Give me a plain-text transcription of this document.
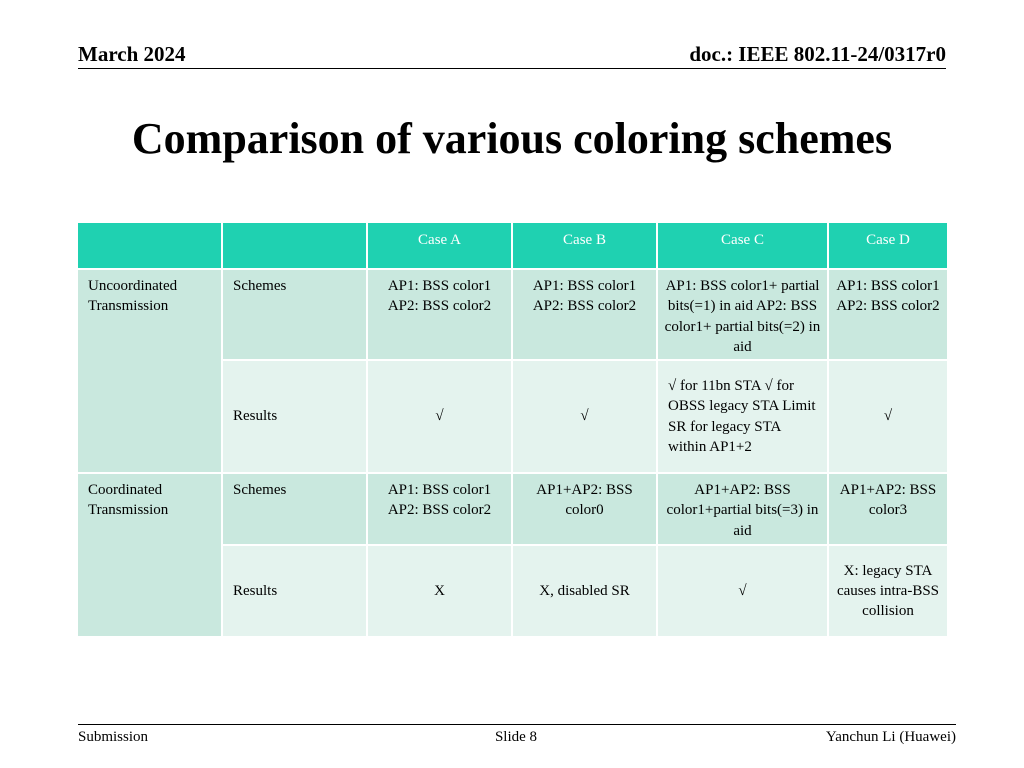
March 2024	doc.: IEEE 802.11-24/0317r0
Comparison of various coloring schemes
		Case A	Case B	Case C	Case D
Uncoordinated Transmission	Schemes	AP1: BSS color1 AP2: BSS color2	AP1: BSS color1 AP2: BSS color2	AP1: BSS color1+ partial bits(=1) in aid AP2: BSS color1+ partial bits(=2) in aid	AP1: BSS color1 AP2: BSS color2
	Results	√	√	√ for 11bn STA √ for OBSS legacy STA Limit SR for legacy STA within AP1+2	√
Coordinated Transmission	Schemes	AP1: BSS color1 AP2: BSS color2	AP1+AP2: BSS color0	AP1+AP2: BSS color1+partial bits(=3) in aid	AP1+AP2: BSS color3
	Results	X	X, disabled SR	√	X: legacy STA causes intra-BSS collision
Submission	Slide 8	Yanchun Li (Huawei)
